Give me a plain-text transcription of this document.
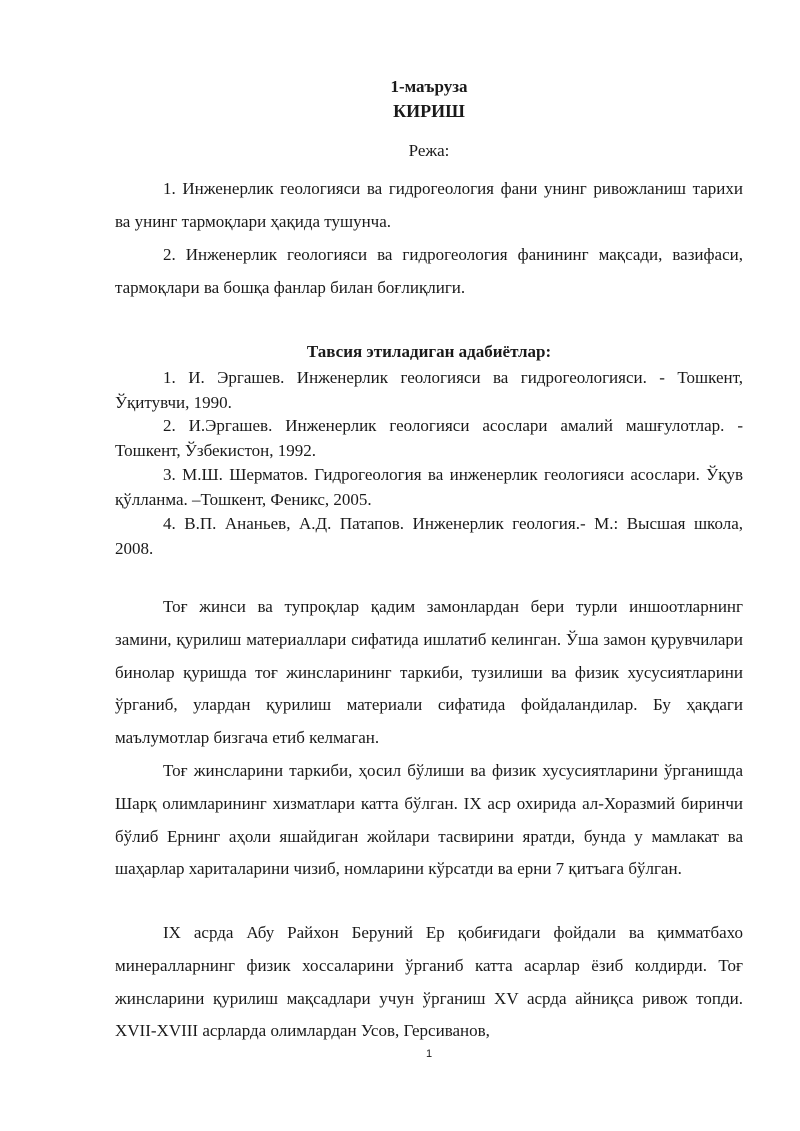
1-маъруза
КИРИШ
Режа:

1. Инженерлик геологияси ва гидрогеология фани унинг ривожланиш тарихи ва унинг тармоқлари ҳақида тушунча.

2. Инженерлик геологияси ва гидрогеология фанининг мақсади, вазифаси, тармоқлари ва бошқа фанлар билан боғлиқлиги.

Тавсия этиладиган адабиётлар:

1. И. Эргашев. Инженерлик геологияси ва гидрогеологияси. - Тошкент, Ўқитувчи, 1990.

2. И.Эргашев. Инженерлик геологияси асослари амалий машғулотлар. - Тошкент, Ўзбекистон, 1992.

3. М.Ш. Шерматов. Гидрогеология ва инженерлик геологияси асослари. Ўқув қўлланма. –Тошкент, Феникс, 2005.

4. В.П. Ананьев, А.Д. Патапов. Инженерлик геология.- М.: Высшая школа, 2008.

Тоғ жинси ва тупроқлар қадим замонлардан бери турли иншоотларнинг замини, қурилиш материаллари сифатида ишлатиб келинган. Ўша замон қурувчилари бинолар қуришда тоғ жинсларининг таркиби, тузилиши ва физик хусусиятларини ўрганиб, улардан қурилиш материали сифатида фойдаландилар. Бу ҳақдаги маълумотлар бизгача етиб келмаган.

Тоғ жинсларини таркиби, ҳосил бўлиши ва физик хусусиятларини ўрганишда Шарқ олимларининг хизматлари катта бўлган. IX аср охирида ал-Хоразмий биринчи бўлиб Ернинг аҳоли яшайдиган жойлари тасвирини яратди, бунда у мамлакат ва шаҳарлар хариталарини чизиб, номларини кўрсатди ва ерни 7 қитъага бўлган.

IX асрда Абу Райхон Беруний Ер қобиғидаги фойдали ва қимматбахо минералларнинг физик хоссаларини ўрганиб катта асарлар ёзиб колдирди. Тоғ жинсларини қурилиш мақсадлари учун ўрганиш XV асрда айниқса ривож топди. XVII-XVIII асрларда олимлардан Усов, Герсиванов,

1
